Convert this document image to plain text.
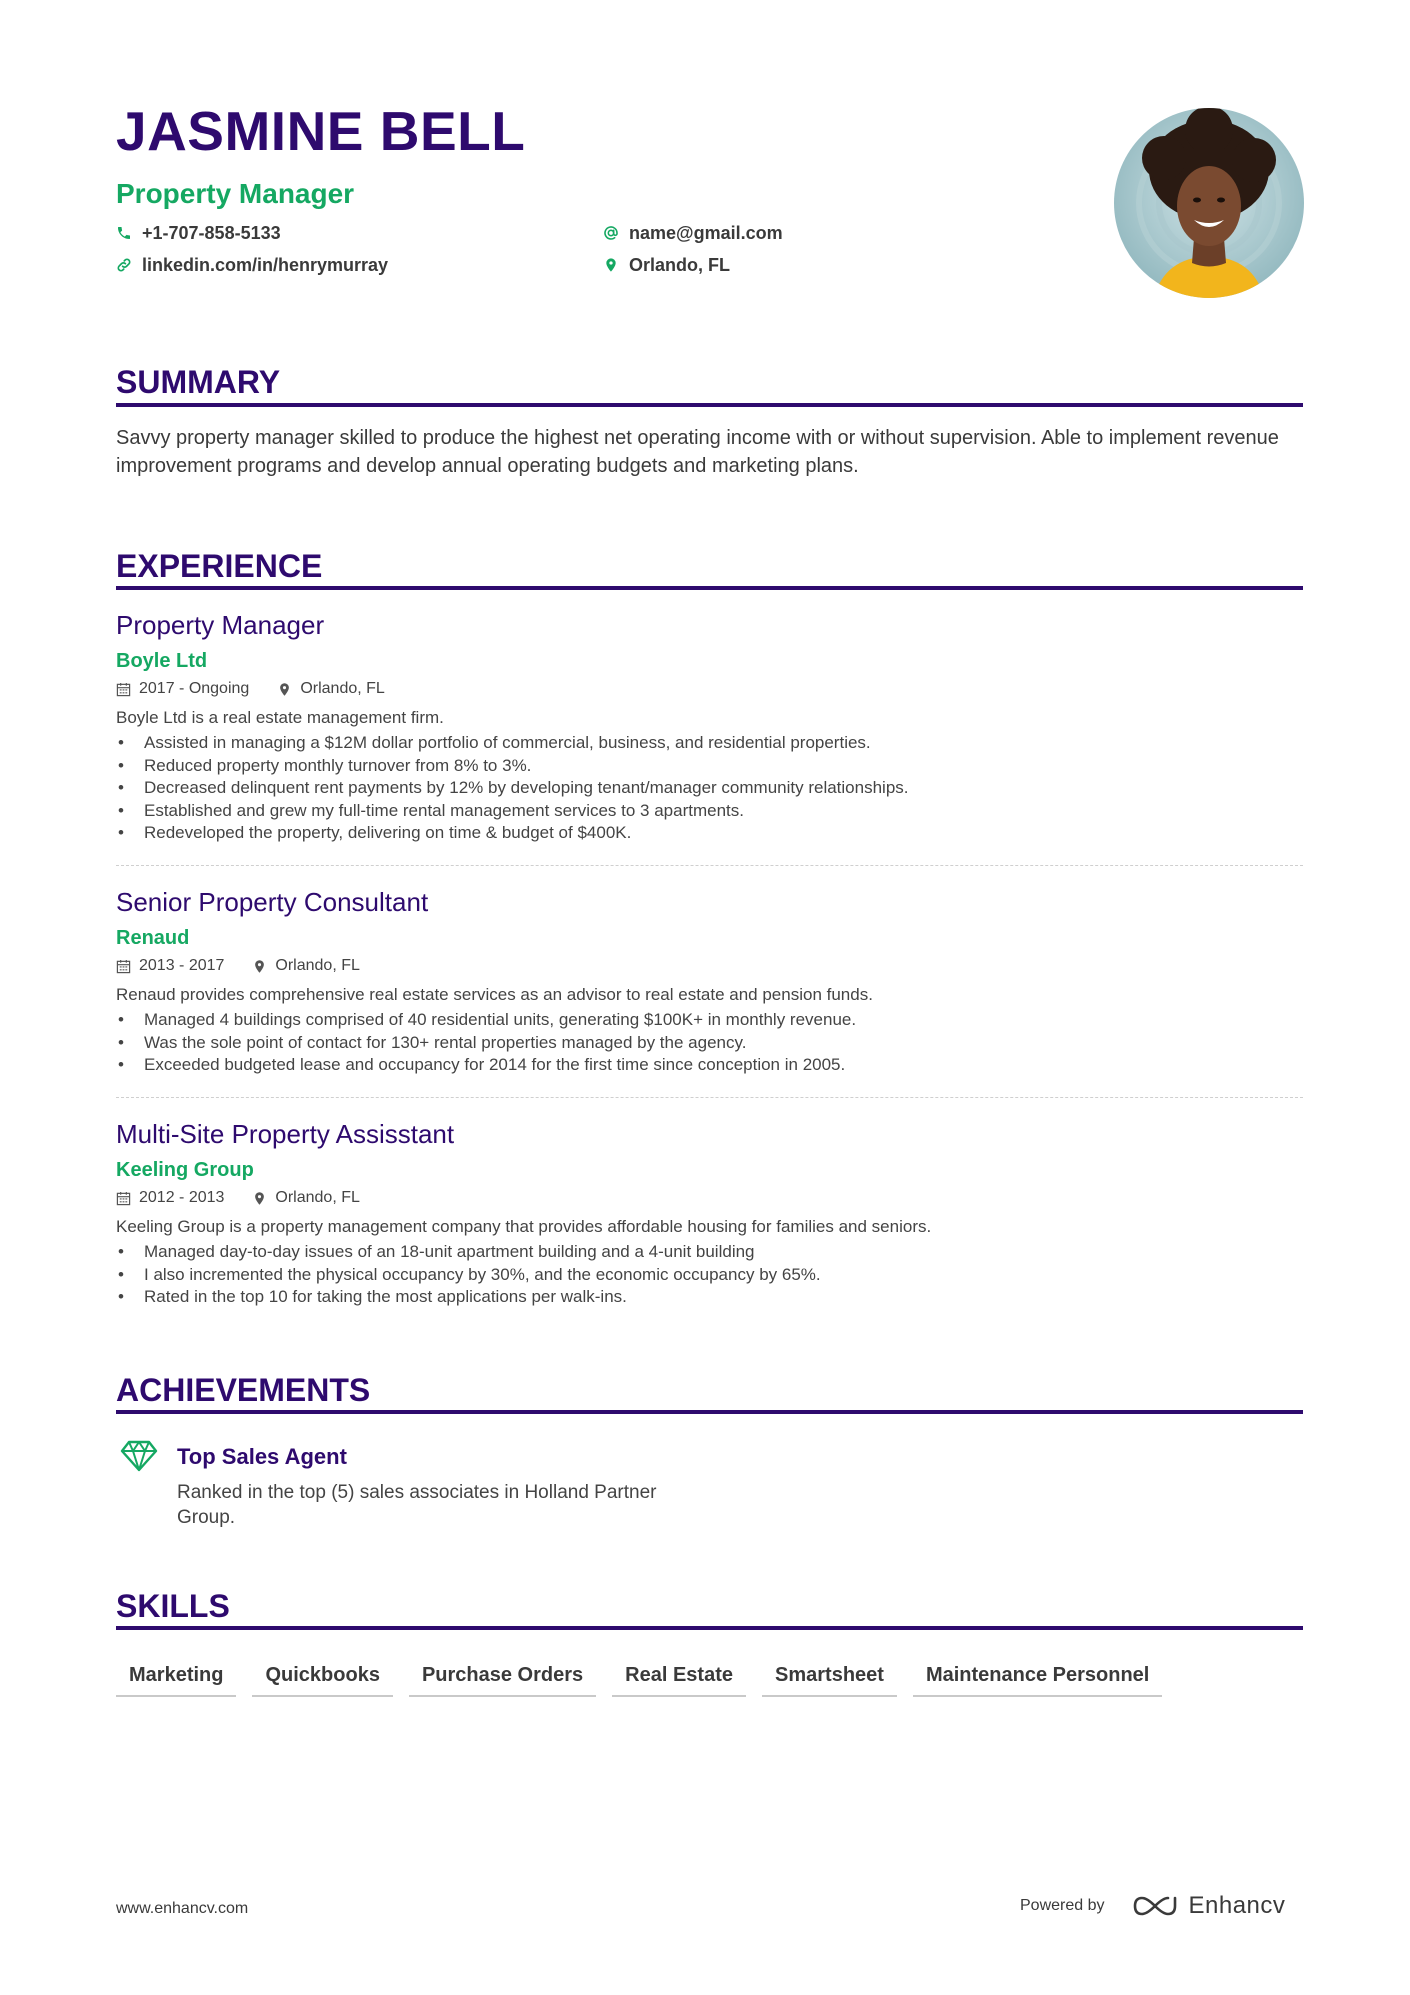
JASMINE BELL
Property Manager
+1-707-858-5133
linkedin.com/in/henrymurray
name@gmail.com
Orlando, FL
SUMMARY
Savvy property manager skilled to produce the highest net operating income with or without supervision. Able to implement revenue improvement programs and develop annual operating budgets and marketing plans.
EXPERIENCE
Property Manager
Boyle Ltd
2017 - Ongoing	Orlando, FL
Boyle Ltd is a real estate management firm.
• Assisted in managing a $12M dollar portfolio of commercial, business, and residential properties.
• Reduced property monthly turnover from 8% to 3%.
• Decreased delinquent rent payments by 12% by developing tenant/manager community relationships.
• Established and grew my full-time rental management services to 3 apartments.
• Redeveloped the property, delivering on time & budget of $400K.
Senior Property Consultant
Renaud
2013 - 2017	Orlando, FL
Renaud provides comprehensive real estate services as an advisor to real estate and pension funds.
• Managed 4 buildings comprised of 40 residential units, generating $100K+ in monthly revenue.
• Was the sole point of contact for 130+ rental properties managed by the agency.
• Exceeded budgeted lease and occupancy for 2014 for the first time since conception in 2005.
Multi-Site Property Assisstant
Keeling Group
2012 - 2013	Orlando, FL
Keeling Group is a property management company that provides affordable housing for families and seniors.
• Managed day-to-day issues of an 18-unit apartment building and a 4-unit building
• I also incremented the physical occupancy by 30%, and the economic occupancy by 65%.
• Rated in the top 10 for taking the most applications per walk-ins.
ACHIEVEMENTS
Top Sales Agent
Ranked in the top (5) sales associates in Holland Partner Group.
SKILLS
Marketing	Quickbooks	Purchase Orders	Real Estate	Smartsheet	Maintenance Personnel
www.enhancv.com	Powered by	Enhancv
